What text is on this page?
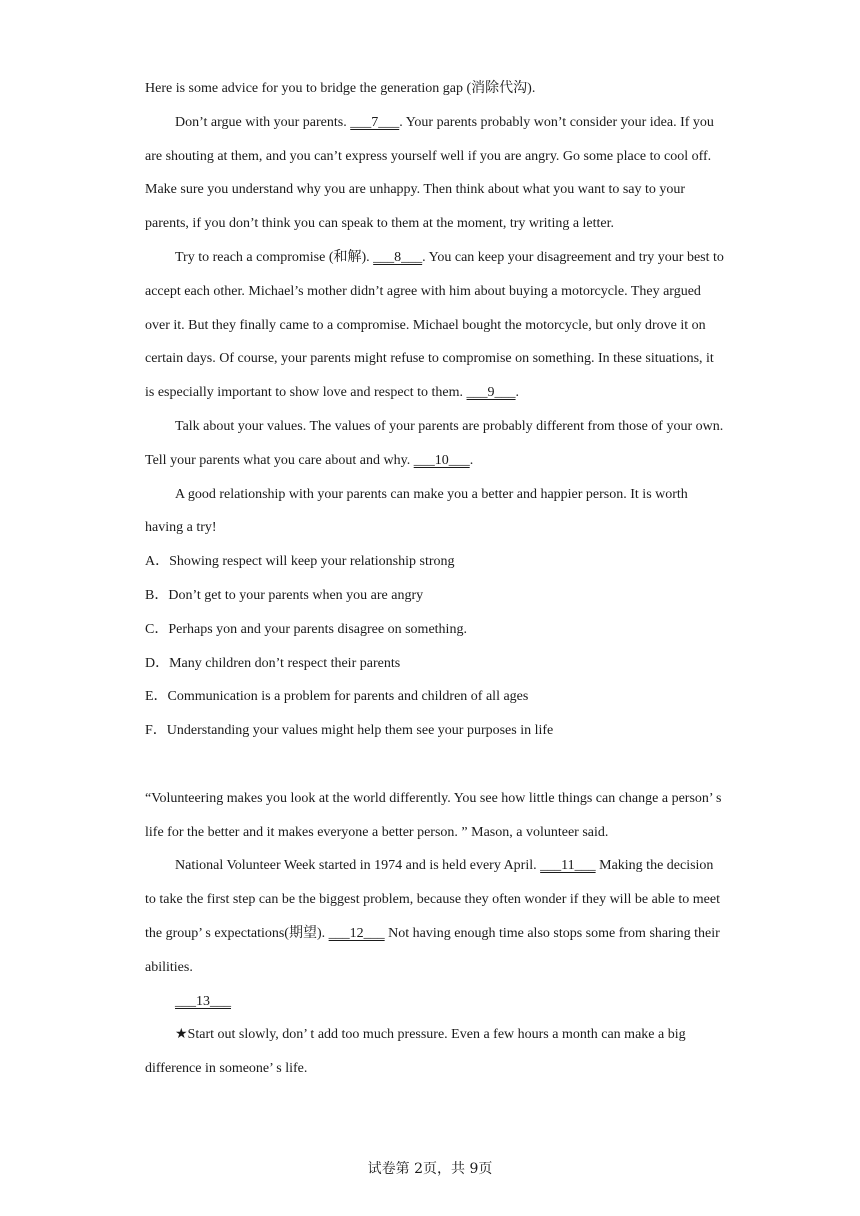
Here is some advice for you to bridge the generation gap (消除代沟).

Don’t argue with your parents. ___7___. Your parents probably won’t consider your idea. If you are shouting at them, and you can’t express yourself well if you are angry. Go some place to cool off. Make sure you understand why you are unhappy. Then think about what you want to say to your parents, if you don’t think you can speak to them at the moment, try writing a letter.

Try to reach a compromise (和解). ___8___. You can keep your disagreement and try your best to accept each other. Michael’s mother didn’t agree with him about buying a motorcycle. They argued over it. But they finally came to a compromise. Michael bought the motorcycle, but only drove it on certain days. Of course, your parents might refuse to compromise on something. In these situations, it is especially important to show love and respect to them. ___9___.

Talk about your values. The values of your parents are probably different from those of your own. Tell your parents what you care about and why. ___10___.

A good relationship with your parents can make you a better and happier person. It is worth having a try!

A．Showing respect will keep your relationship strong

B．Don’t get to your parents when you are angry

C．Perhaps yon and your parents disagree on something.

D．Many children don’t respect their parents

E．Communication is a problem for parents and children of all ages

F．Understanding your values might help them see your purposes in life

“Volunteering makes you look at the world differently. You see how little things can change a person’ s life for the better and it makes everyone a better person. ” Mason, a volunteer said.

National Volunteer Week started in 1974 and is held every April. ___11___ Making the decision to take the first step can be the biggest problem, because they often wonder if they will be able to meet the group’ s expectations(期望). ___12___ Not having enough time also stops some from sharing their abilities.

___13___

★Start out slowly, don’ t add too much pressure. Even a few hours a month can make a big difference in someone’ s life.

试卷第 2页，共 9页
